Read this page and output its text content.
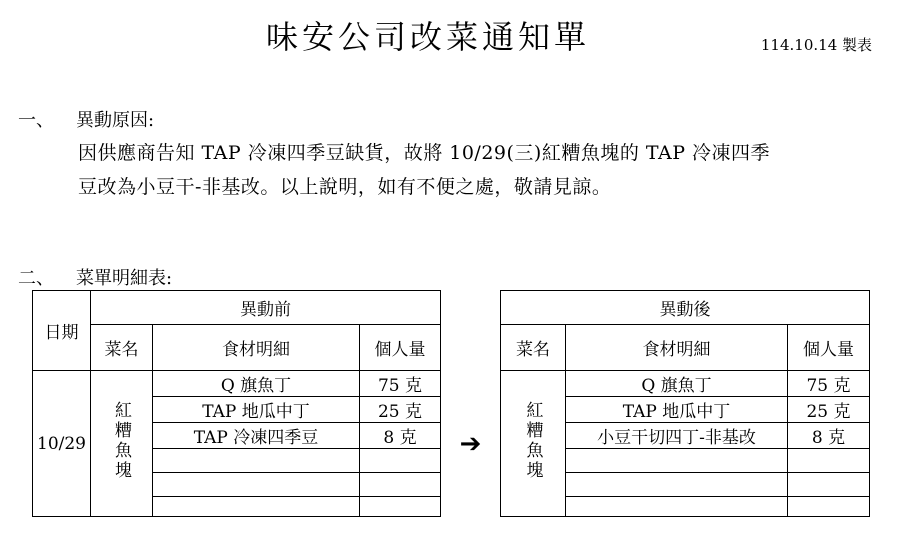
味安公司改菜通知單	114.10.14 製表
一、 異動原因:
因供應商告知 TAP 冷凍四季豆缺貨，故將 10/29(三)紅糟魚塊的 TAP 冷凍四季
豆改為小豆干-非基改。以上說明，如有不便之處，敬請見諒。
二、 菜單明細表:
日期	異動前				異動後		
	菜名	食材明細	個人量		菜名	食材明細	個人量
10/29	紅糟魚塊	Q 旗魚丁	75 克	➔	紅糟魚塊	Q 旗魚丁	75 克
		TAP 地瓜中丁	25 克			TAP 地瓜中丁	25 克
		TAP 冷凍四季豆	8 克			小豆干切四丁-非基改	8 克
